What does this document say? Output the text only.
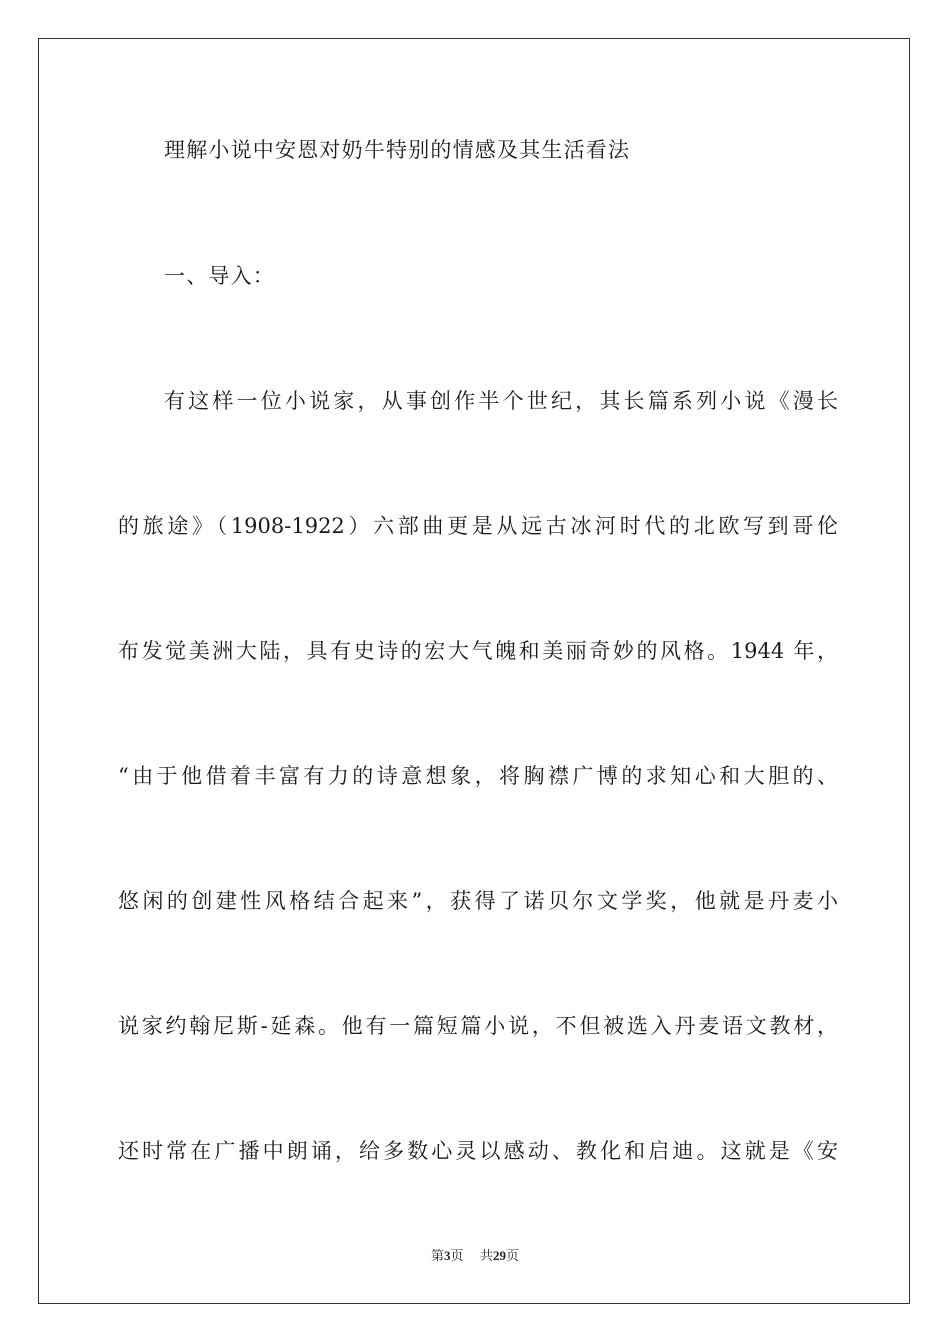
理解小说中安恩对奶牛特别的情感及其生活看法

一、导入：

有这样一位小说家，从事创作半个世纪，其长篇系列小说《漫长

的旅途》（1908-1922）六部曲更是从远古冰河时代的北欧写到哥伦

布发觉美洲大陆，具有史诗的宏大气魄和美丽奇妙的风格。1944 年，

“由于他借着丰富有力的诗意想象，将胸襟广博的求知心和大胆的、

悠闲的创建性风格结合起来”，获得了诺贝尔文学奖，他就是丹麦小

说家约翰尼斯-延森。他有一篇短篇小说，不但被选入丹麦语文教材，

还时常在广播中朗诵，给多数心灵以感动、教化和启迪。这就是《安

第3页 共29页
